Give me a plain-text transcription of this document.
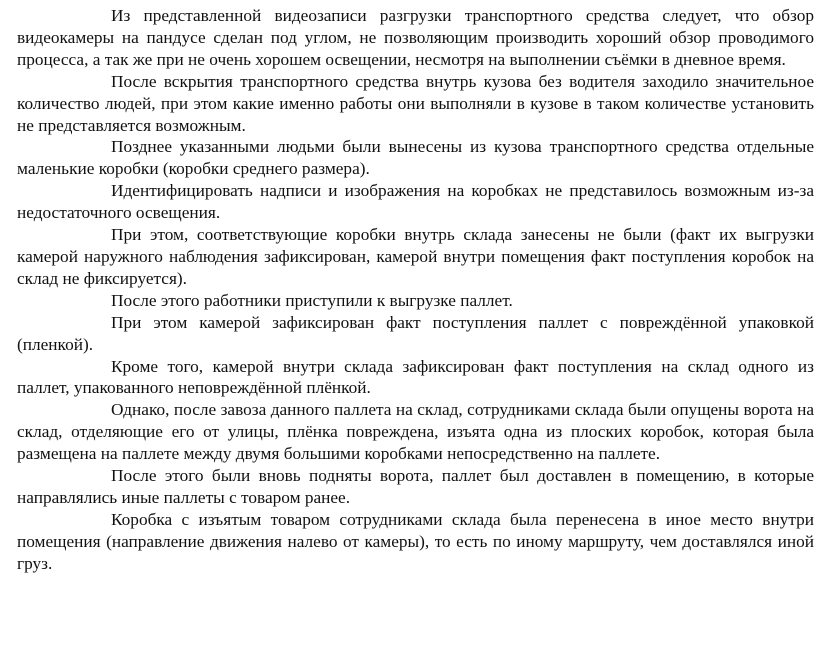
Из представленной видеозаписи разгрузки транспортного средства следует, что обзор видеокамеры на пандусе сделан под углом, не позволяющим производить хороший обзор проводимого процесса, а так же при не очень хорошем освещении, несмотря на выполнении съёмки в дневное время.

После вскрытия транспортного средства внутрь кузова без водителя заходило значительное количество людей, при этом какие именно работы они выполняли в кузове в таком количестве установить не представляется возможным.

Позднее указанными людьми были вынесены из кузова транспортного средства отдельные маленькие коробки (коробки среднего размера).

Идентифицировать надписи и изображения на коробках не представилось возможным из-за недостаточного освещения.

При этом, соответствующие коробки внутрь склада занесены не были (факт их выгрузки камерой наружного наблюдения зафиксирован, камерой внутри помещения факт поступления коробок на склад не фиксируется).

После этого работники приступили к выгрузке паллет.

При этом камерой зафиксирован факт поступления паллет с повреждённой упаковкой (пленкой).

Кроме того, камерой внутри склада зафиксирован факт поступления на склад одного из паллет, упакованного неповреждённой плёнкой.

Однако, после завоза данного паллета на склад, сотрудниками склада были опущены ворота на склад, отделяющие его от улицы, плёнка повреждена, изъята одна из плоских коробок, которая была размещена на паллете между двумя большими коробками непосредственно на паллете.

После этого были вновь подняты ворота, паллет был доставлен в помещению, в которые направлялись иные паллеты с товаром ранее.

Коробка с изъятым товаром сотрудниками склада была перенесена в иное место внутри помещения (направление движения налево от камеры), то есть по иному маршруту, чем доставлялся иной груз.
